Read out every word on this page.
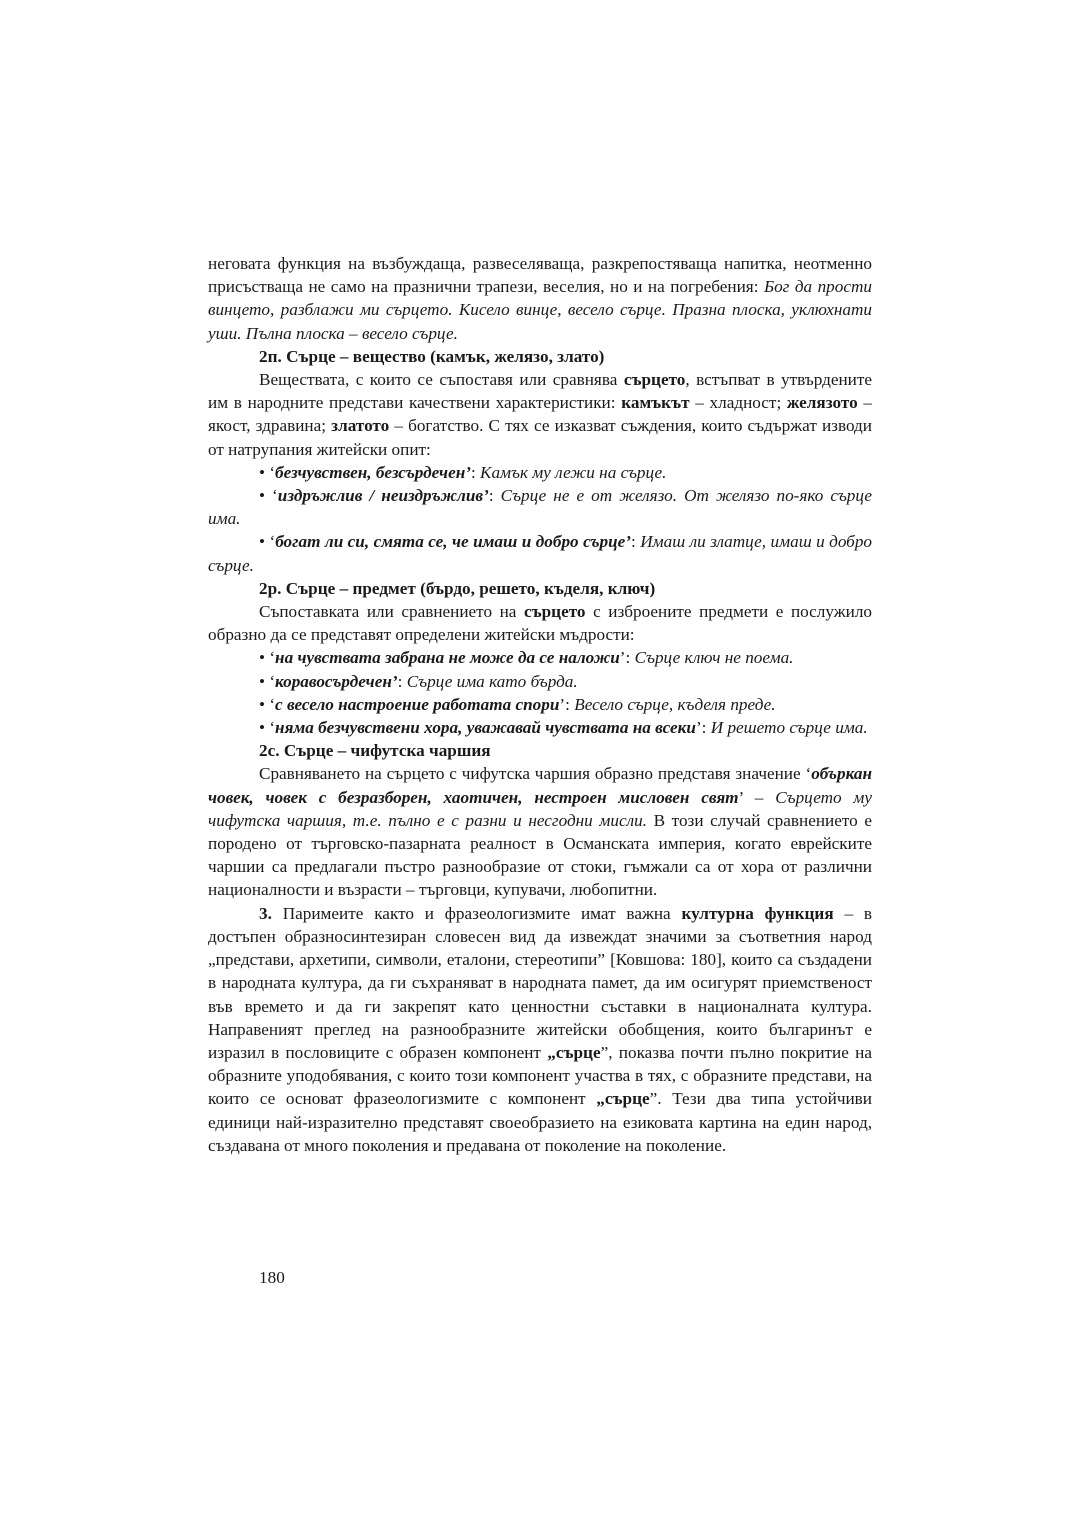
неговата функция на възбуждаща, развеселяваща, разкрепостяваща напитка, неотменно присъстваща не само на празнични трапези, веселия, но и на погребения: Бог да прости винцето, разблажи ми сърцето. Кисело винце, весело сърце. Празна плоска, уклюхнати уши. Пълна плоска – весело сърце.

2п. Сърце – вещество (камък, желязо, злато)

Веществата, с които се съпоставя или сравнява сърцето, встъпват в утвърдените им в народните представи качествени характеристики: камъкът – хладност; желязото – якост, здравина; златото – богатство. С тях се изказват съждения, които съдържат изводи от натрупания житейски опит:

• ‘безчувствен, безсърдечен’: Камък му лежи на сърце.

• ‘издръжлив / неиздръжлив’: Сърце не е от желязо. От желязо по-яко сърце има.

• ‘богат ли си, смята се, че имаш и добро сърце’: Имаш ли златце, имаш и добро сърце.

2р. Сърце – предмет (бърдо, решето, къделя, ключ)

Съпоставката или сравнението на сърцето с изброените предмети е послужило образно да се представят определени житейски мъдрости:

• ‘на чувствата забрана не може да се наложи’: Сърце ключ не поема.

• ‘коравосърдечен’: Сърце има като бърда.

• ‘с весело настроение работата спори’: Весело сърце, къделя преде.

• ‘няма безчувствени хора, уважавай чувствата на всеки’: И решето сърце има.

2с. Сърце – чифутска чаршия

Сравняването на сърцето с чифутска чаршия образно представя значение ‘объркан човек, човек с безразборен, хаотичен, нестроен мисловен свят’ – Сърцето му чифутска чаршия, т.е. пълно е с разни и несгодни мисли. В този случай сравнението е породено от търговско-пазарната реалност в Османската империя, когато еврейските чаршии са предлагали пъстро разнообразие от стоки, гъмжали са от хора от различни националности и възрасти – търговци, купувачи, любопитни.

3. Паримеите както и фразеологизмите имат важна културна функция – в достъпен образносинтезиран словесен вид да извеждат значими за съответния народ „представи, архетипи, символи, еталони, стереотипи” [Ковшова: 180], които са създадени в народната култура, да ги съхраняват в народната памет, да им осигурят приемственост във времето и да ги закрепят като ценностни съставки в националната култура. Направеният преглед на разнообразните житейски обобщения, които българинът е изразил в пословиците с образен компонент „сърце”, показва почти пълно покритие на образните уподобявания, с които този компонент участва в тях, с образните представи, на които се основат фразеологизмите с компонент „сърце”. Тези два типа устойчиви единици най-изразително представят своеобразието на езиковата картина на един народ, създавана от много поколения и предавана от поколение на поколение.

180
